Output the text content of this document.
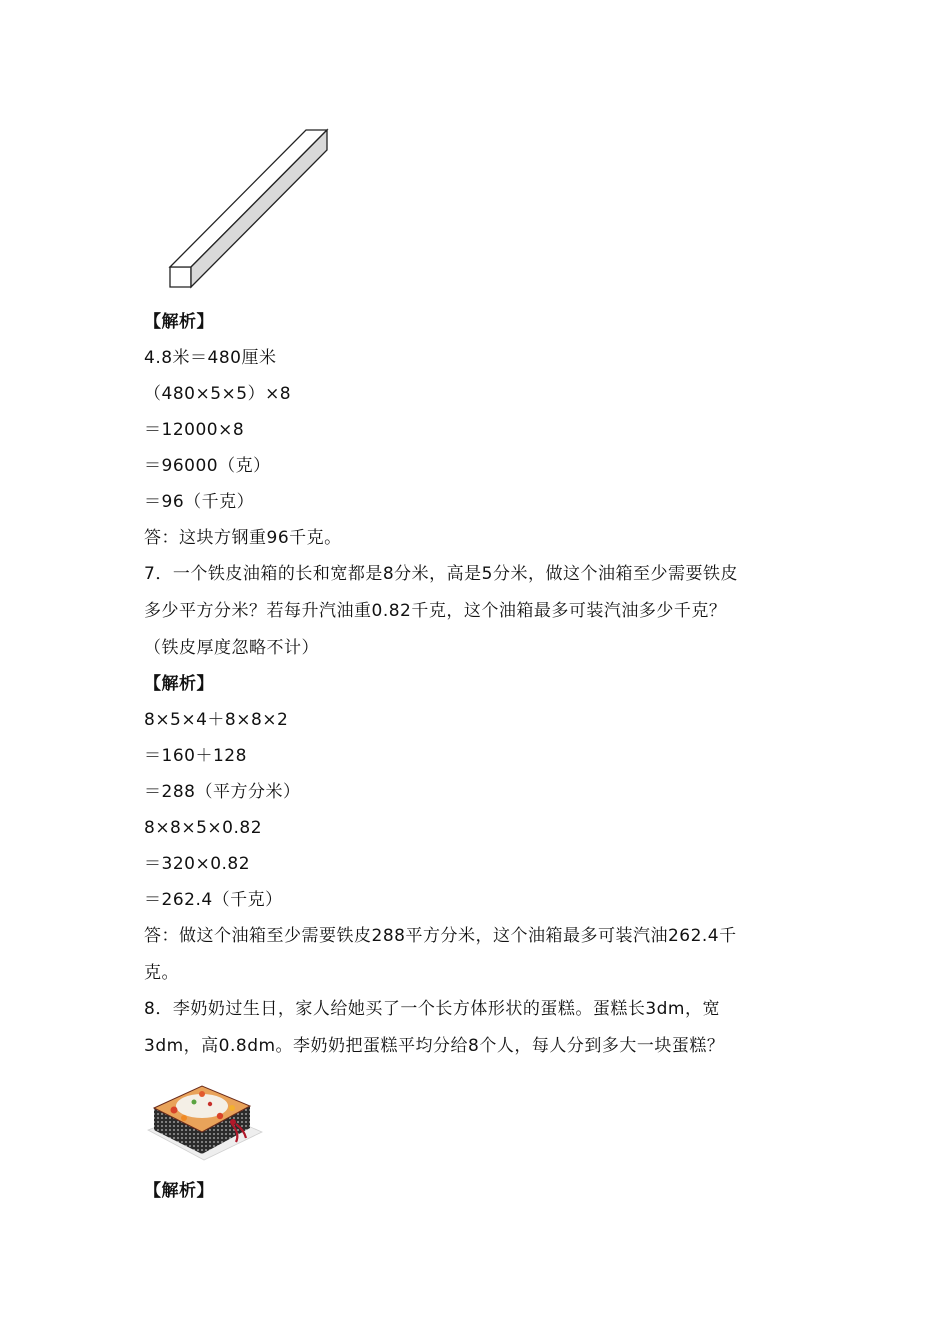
【解析】
4.8米＝480厘米
（480×5×5）×8
＝12000×8
＝96000（克）
＝96（千克）
答：这块方钢重96千克。
7．一个铁皮油箱的长和宽都是8分米，高是5分米，做这个油箱至少需要铁皮
多少平方分米？若每升汽油重0.82千克，这个油箱最多可装汽油多少千克？
（铁皮厚度忽略不计）
【解析】
8×5×4＋8×8×2
＝160＋128
＝288（平方分米）
8×8×5×0.82
＝320×0.82
＝262.4（千克）
答：做这个油箱至少需要铁皮288平方分米，这个油箱最多可装汽油262.4千
克。
8．李奶奶过生日，家人给她买了一个长方体形状的蛋糕。蛋糕长3dm，宽
3dm，高0.8dm。李奶奶把蛋糕平均分给8个人，每人分到多大一块蛋糕？
【解析】
